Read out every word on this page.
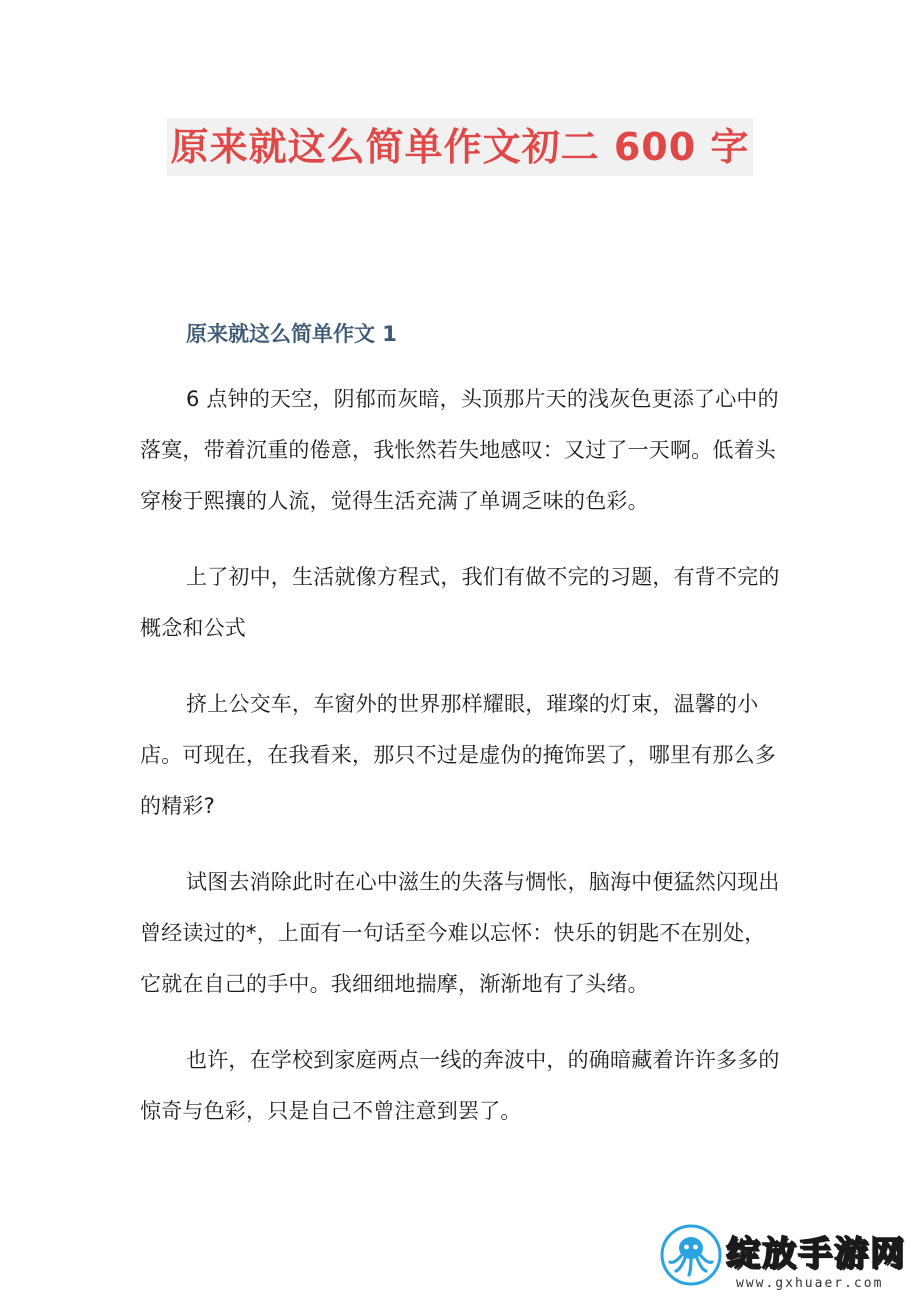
原来就这么简单作文初二 600 字
原来就这么简单作文 1

6 点钟的天空，阴郁而灰暗，头顶那片天的浅灰色更添了心中的落寞，带着沉重的倦意，我怅然若失地感叹：又过了一天啊。低着头穿梭于熙攘的人流，觉得生活充满了单调乏味的色彩。

上了初中，生活就像方程式，我们有做不完的习题，有背不完的概念和公式

挤上公交车，车窗外的世界那样耀眼，璀璨的灯束，温馨的小店。可现在，在我看来，那只不过是虚伪的掩饰罢了，哪里有那么多的精彩?

试图去消除此时在心中滋生的失落与惆怅，脑海中便猛然闪现出曾经读过的*，上面有一句话至今难以忘怀：快乐的钥匙不在别处，它就在自己的手中。我细细地揣摩，渐渐地有了头绪。

也许，在学校到家庭两点一线的奔波中，的确暗藏着许许多多的惊奇与色彩，只是自己不曾注意到罢了。

绽放手游网
www.gxhuaer.com
